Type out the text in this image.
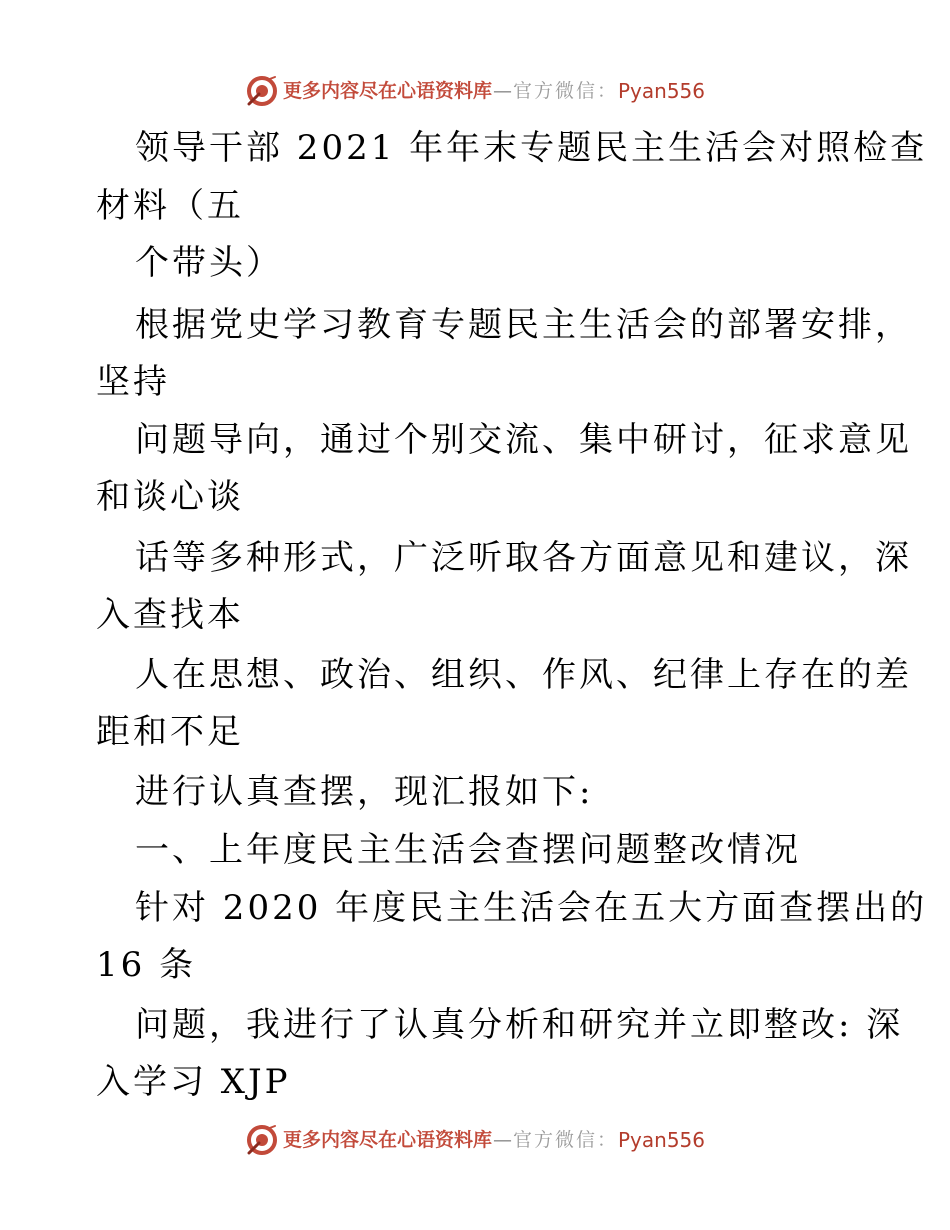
更多内容尽在心语资料库 — 官方微信： Pyan556
领导干部 2021 年年末专题民主生活会对照检查
材料（五
个带头）
根据党史学习教育专题民主生活会的部署安排，
坚持
问题导向，通过个别交流、集中研讨，征求意见
和谈心谈
话等多种形式，广泛听取各方面意见和建议，深
入查找本
人在思想、政治、组织、作风、纪律上存在的差
距和不足
进行认真查摆，现汇报如下:
一、上年度民主生活会查摆问题整改情况
针对 2020 年度民主生活会在五大方面查摆出的
16 条
问题，我进行了认真分析和研究并立即整改: 深
入学习 XJP
更多内容尽在心语资料库 — 官方微信： Pyan556
